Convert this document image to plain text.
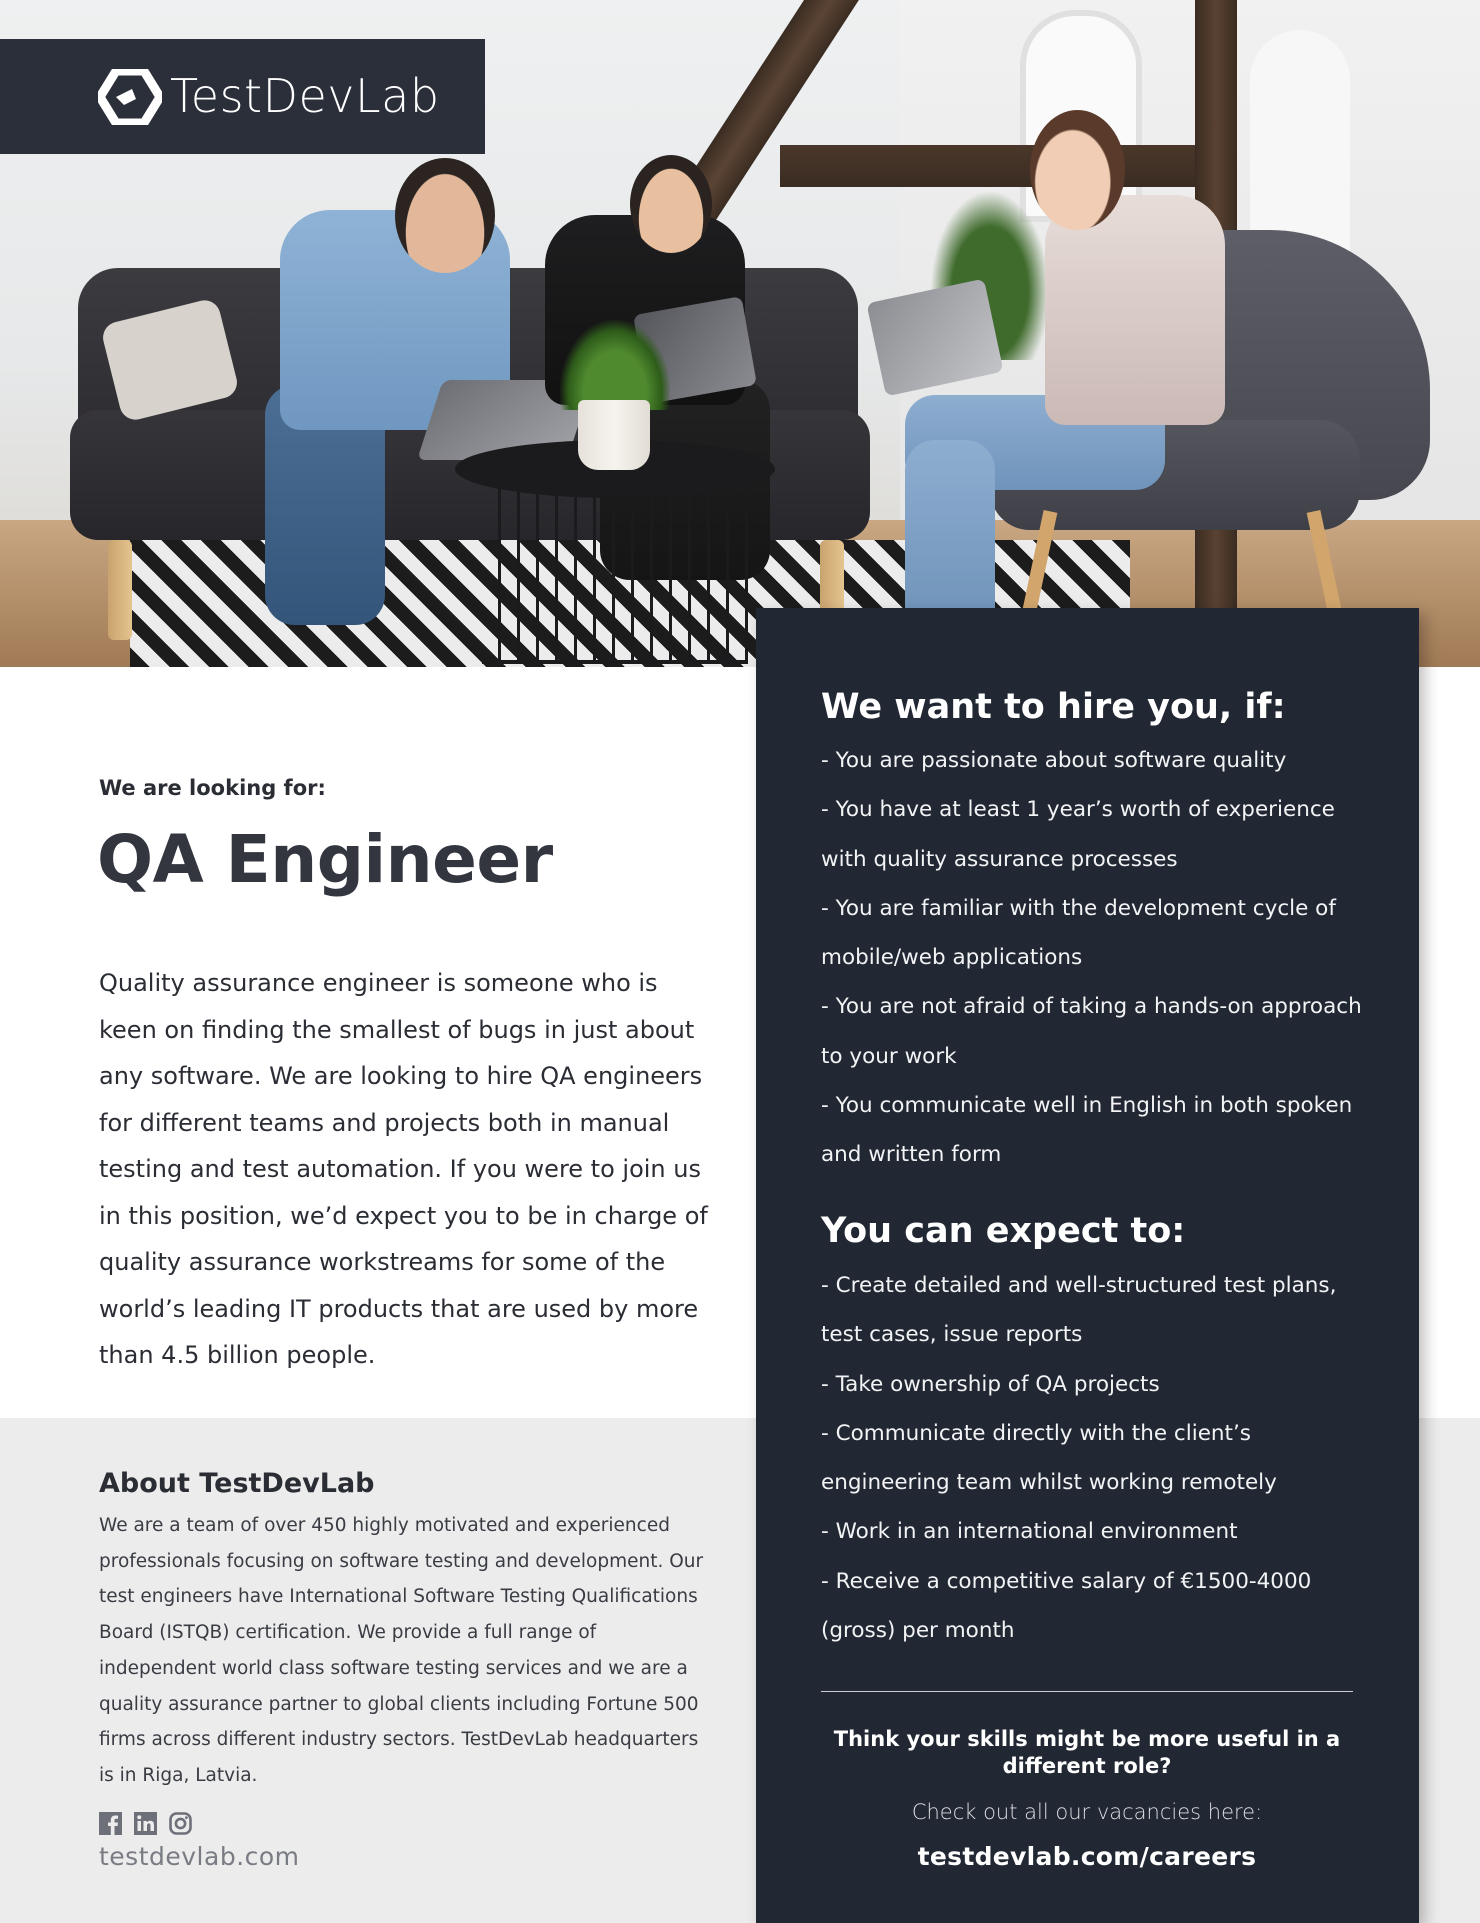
TestDevLab
We are looking for:
QA Engineer
Quality assurance engineer is someone who is keen on finding the smallest of bugs in just about any software. We are looking to hire QA engineers for different teams and projects both in manual testing and test automation. If you were to join us in this position, we’d expect you to be in charge of quality assurance workstreams for some of the world’s leading IT products that are used by more than 4.5 billion people.
About TestDevLab
We are a team of over 450 highly motivated and experienced professionals focusing on software testing and development. Our test engineers have International Software Testing Qualifications Board (ISTQB) certification. We provide a full range of independent world class software testing services and we are a quality assurance partner to global clients including Fortune 500 firms across different industry sectors. TestDevLab headquarters is in Riga, Latvia.
testdevlab.com
We want to hire you, if:
- You are passionate about software quality
- You have at least 1 year’s worth of experience with quality assurance processes
- You are familiar with the development cycle of mobile/web applications
- You are not afraid of taking a hands-on approach to your work
- You communicate well in English in both spoken and written form
You can expect to:
- Create detailed and well-structured test plans, test cases, issue reports
- Take ownership of QA projects
- Communicate directly with the client’s engineering team whilst working remotely
- Work in an international environment
- Receive a competitive salary of €1500-4000 (gross) per month
Think your skills might be more useful in a different role?
Check out all our vacancies here:
testdevlab.com/careers
